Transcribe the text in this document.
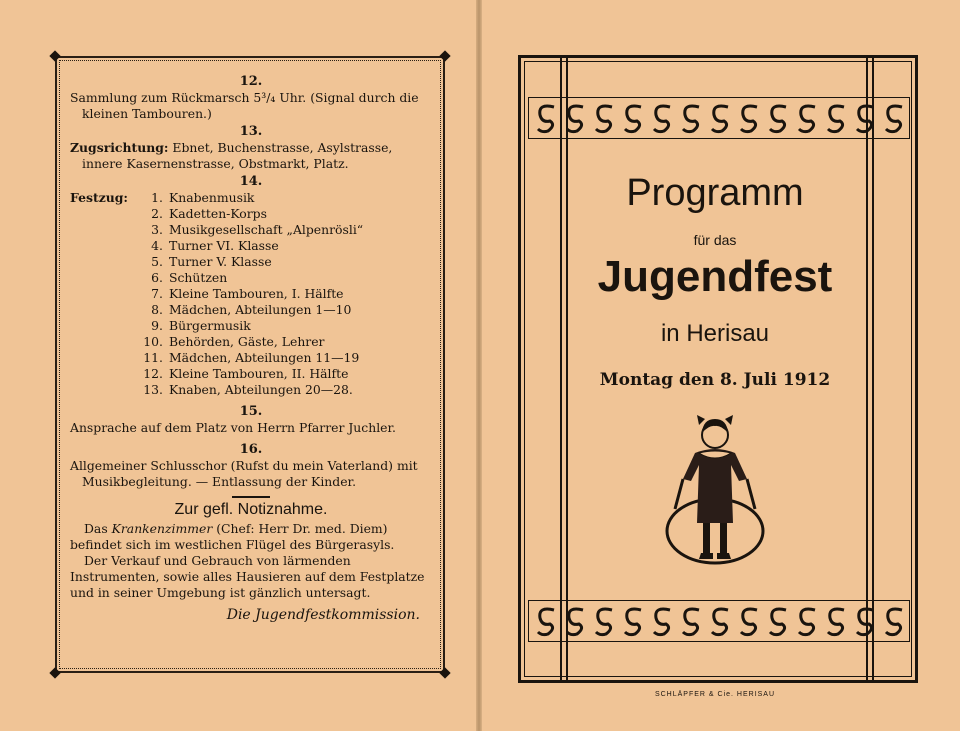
12.
Sammlung zum Rückmarsch 5³/₄ Uhr. (Signal durch die kleinen Tambouren.)
13.
Zugsrichtung: Ebnet, Buchenstrasse, Asylstrasse, innere Kasernenstrasse, Obstmarkt, Platz.
14.
Festzug:	1. Knabenmusik
2. Kadetten-Korps
3. Musikgesellschaft „Alpenrösli“
4. Turner VI. Klasse
5. Turner V. Klasse
6. Schützen
7. Kleine Tambouren, I. Hälfte
8. Mädchen, Abteilungen 1—10
9. Bürgermusik
10. Behörden, Gäste, Lehrer
11. Mädchen, Abteilungen 11—19
12. Kleine Tambouren, II. Hälfte
13. Knaben, Abteilungen 20—28.
15.
Ansprache auf dem Platz von Herrn Pfarrer Juchler.
16.
Allgemeiner Schlusschor (Rufst du mein Vaterland) mit Musikbegleitung. — Entlassung der Kinder.
Zur gefl. Notiznahme.
Das Krankenzimmer (Chef: Herr Dr. med. Diem) befindet sich im westlichen Flügel des Bürgerasyls.
Der Verkauf und Gebrauch von lärmenden Instrumenten, sowie alles Hausieren auf dem Festplatze und in seiner Umgebung ist gänzlich untersagt.
Die Jugendfestkommission.
Programm
für das
Jugendfest
in Herisau
Montag den 8. Juli 1912
SCHLÄPFER & Cie. HERISAU
